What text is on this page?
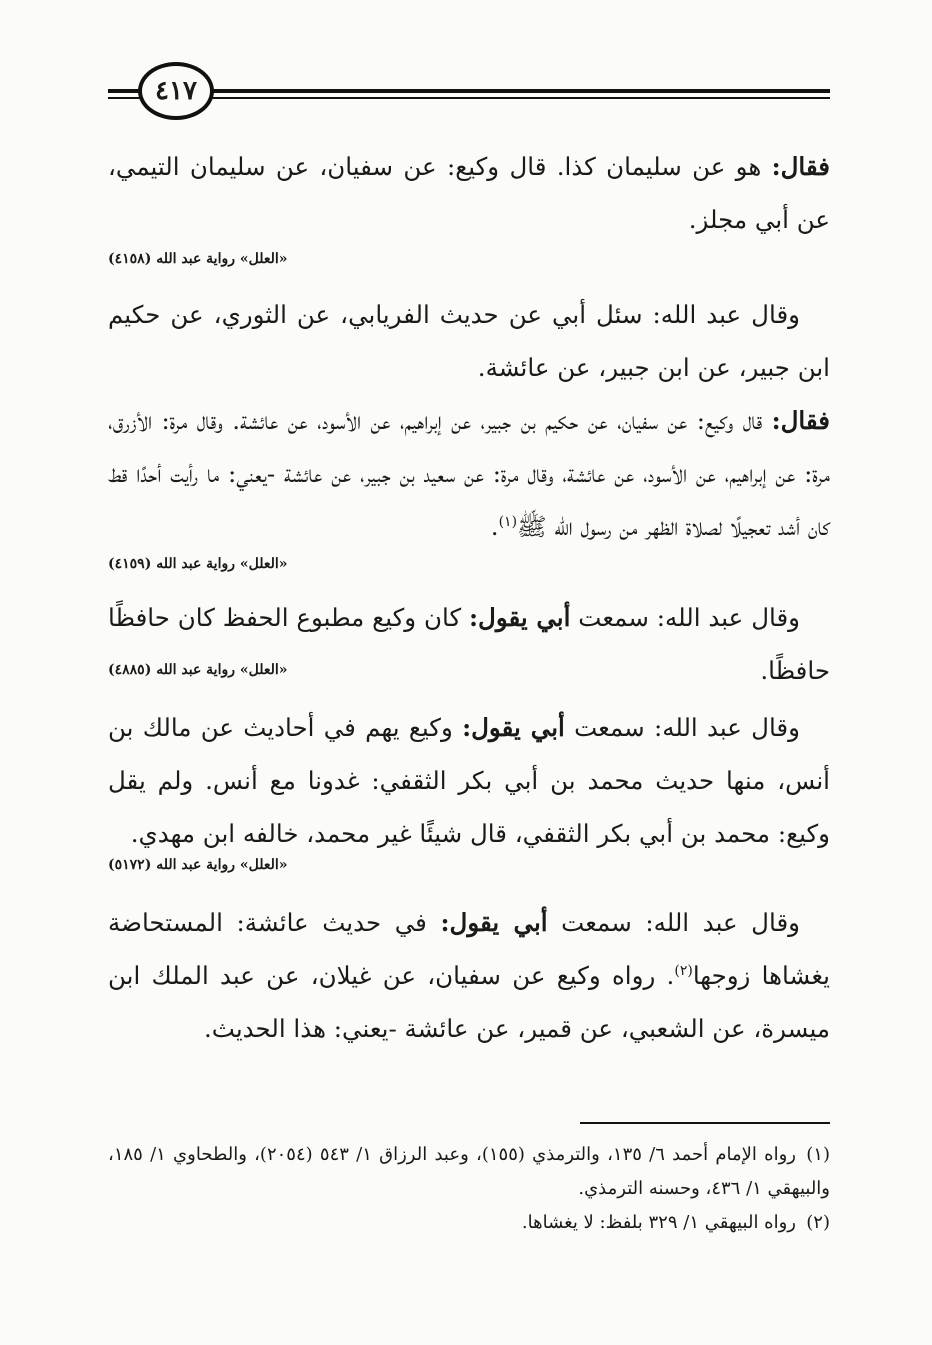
٤١٧

فقال: هو عن سليمان كذا. قال وكيع: عن سفيان، عن سليمان التيمي، عن أبي مجلز.

«العلل» رواية عبد الله (٤١٥٨)

وقال عبد الله: سئل أبي عن حديث الفريابي، عن الثوري، عن حكيم ابن جبير، عن ابن جبير، عن عائشة.

فقال: قال وكيع: عن سفيان، عن حكيم بن جبير، عن إبراهيم، عن الأسود، عن عائشة. وقال مرة: الأزرق، مرة: عن إبراهيم، عن الأسود، عن عائشة، وقال مرة: عن سعيد بن جبير، عن عائشة -يعني: ما رأيت أحدًا قط كان أشد تعجيلًا لصلاة الظهر من رسول الله ﷺ$^{(١)}$.

«العلل» رواية عبد الله (٤١٥٩)

وقال عبد الله: سمعت أبي يقول: كان وكيع مطبوع الحفظ كان حافظًا حافظًا.
«العلل» رواية عبد الله (٤٨٨٥)

وقال عبد الله: سمعت أبي يقول: وكيع يهم في أحاديث عن مالك بن أنس، منها حديث محمد بن أبي بكر الثقفي: غدونا مع أنس. ولم يقل وكيع: محمد بن أبي بكر الثقفي، قال شيئًا غير محمد، خالفه ابن مهدي.

«العلل» رواية عبد الله (٥١٧٢)

وقال عبد الله: سمعت أبي يقول: في حديث عائشة: المستحاضة يغشاها زوجها$^{(٢)}$. رواه وكيع عن سفيان، عن غيلان، عن عبد الملك ابن ميسرة، عن الشعبي، عن قمير، عن عائشة -يعني: هذا الحديث.

(١)رواه الإمام أحمد ٦/ ١٣٥، والترمذي (١٥٥)، وعبد الرزاق ١/ ٥٤٣ (٢٠٥٤)، والطحاوي ١/ ١٨٥، والبيهقي ١/ ٤٣٦، وحسنه الترمذي.

(٢)رواه البيهقي ١/ ٣٢٩ بلفظ: لا يغشاها.
